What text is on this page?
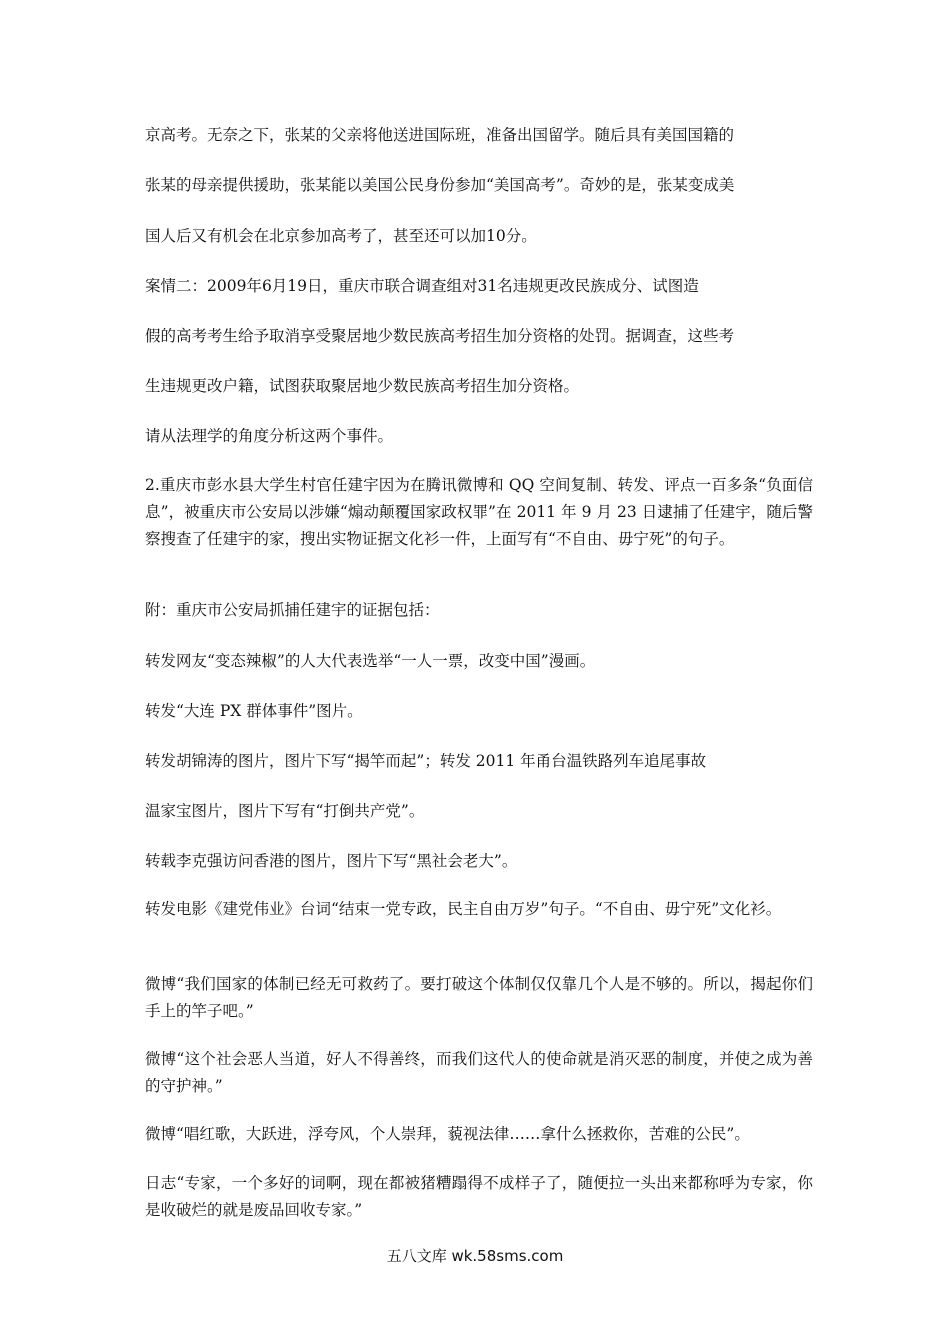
京高考。无奈之下，张某的父亲将他送进国际班，准备出国留学。随后具有美国国籍的

张某的母亲提供援助，张某能以美国公民身份参加“美国高考”。奇妙的是，张某变成美

国人后又有机会在北京参加高考了，甚至还可以加10分。

案情二：2009年6月19日，重庆市联合调查组对31名违规更改民族成分、试图造

假的高考考生给予取消享受聚居地少数民族高考招生加分资格的处罚。据调查，这些考

生违规更改户籍，试图获取聚居地少数民族高考招生加分资格。

请从法理学的角度分析这两个事件。

2.重庆市彭水县大学生村官任建宇因为在腾讯微博和 QQ 空间复制、转发、评点一百多条“负面信息”，被重庆市公安局以涉嫌“煽动颠覆国家政权罪”在 2011 年 9 月 23 日逮捕了任建宇，随后警察搜查了任建宇的家，搜出实物证据文化衫一件，上面写有“不自由、毋宁死”的句子。

附：重庆市公安局抓捕任建宇的证据包括：

转发网友“变态辣椒”的人大代表选举“一人一票，改变中国”漫画。

转发“大连 PX 群体事件”图片。

转发胡锦涛的图片，图片下写“揭竿而起”；转发 2011 年甬台温铁路列车追尾事故

温家宝图片，图片下写有“打倒共产党”。

转载李克强访问香港的图片，图片下写“黑社会老大”。

转发电影《建党伟业》台词“结束一党专政，民主自由万岁”句子。“不自由、毋宁死”文化衫。

微博“我们国家的体制已经无可救药了。要打破这个体制仅仅靠几个人是不够的。所以，揭起你们手上的竿子吧。”

微博“这个社会恶人当道，好人不得善终，而我们这代人的使命就是消灭恶的制度，并使之成为善的守护神。”

微博“唱红歌，大跃进，浮夸风，个人崇拜，藐视法律……拿什么拯救你，苦难的公民”。

日志“专家，一个多好的词啊，现在都被猪糟蹋得不成样子了，随便拉一头出来都称呼为专家，你是收破烂的就是废品回收专家。”

五八文库 wk.58sms.com
